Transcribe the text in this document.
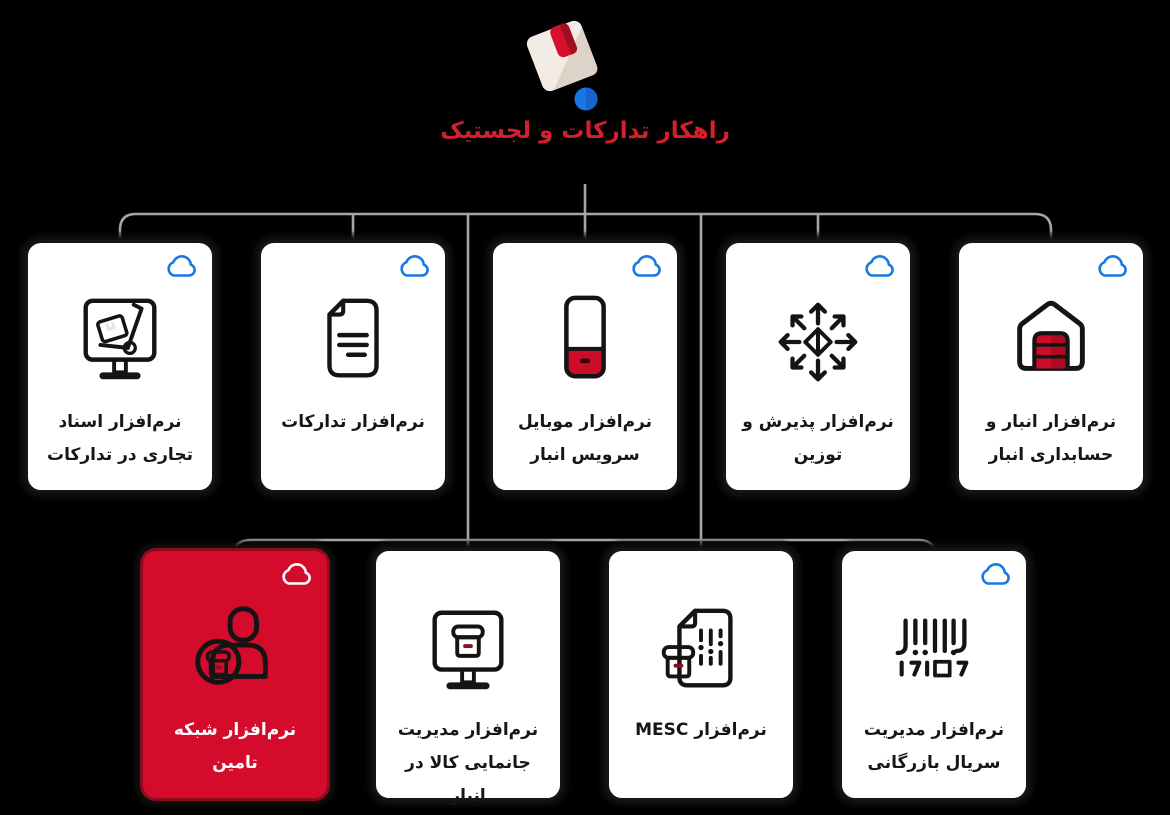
راهکار تدارکات و لجستیک
نرم‌افزار اسناد تجاری در تدارکات
نرم‌افزار تدارکات	نرم‌افزار موبایل سرویس انبار
نرم‌افزار پذیرش و توزین
نرم‌افزار انبار و حسابداری انبار
نرم‌افزار شبکه تامین
نرم‌افزار مدیریت جانمایی کالا در انبار
نرم‌افزار MESC	نرم‌افزار مدیریت سریال بازرگانی
